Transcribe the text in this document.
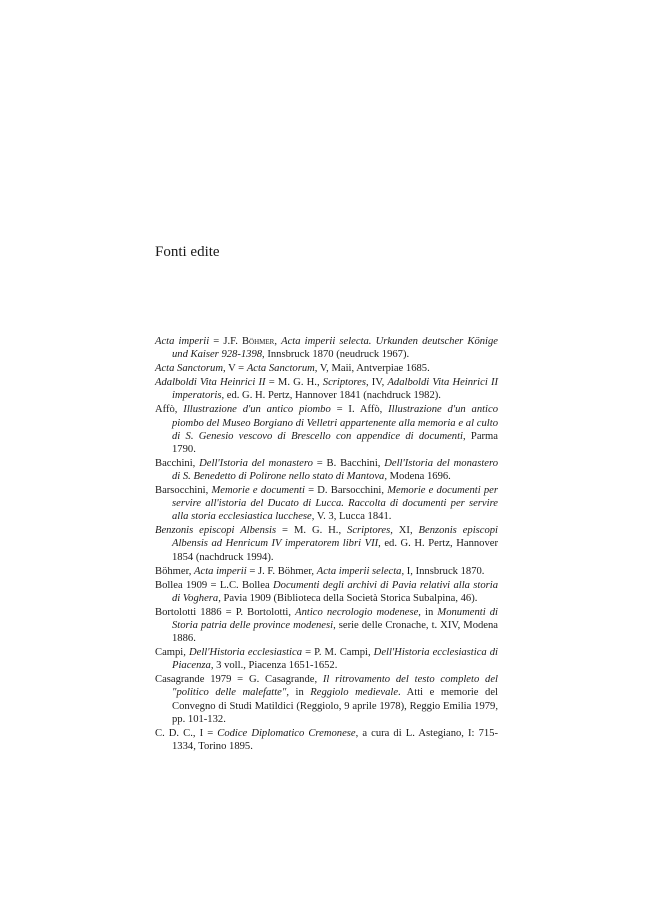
Fonti edite

Acta imperii = J.F. Böhmer, Acta imperii selecta. Urkunden deutscher Könige und Kaiser 928-1398, Innsbruck 1870 (neudruck 1967).

Acta Sanctorum, V = Acta Sanctorum, V, Maii, Antverpiae 1685.

Adalboldi Vita Heinrici II = M. G. H., Scriptores, IV, Adalboldi Vita Heinrici II imperatoris, ed. G. H. Pertz, Hannover 1841 (nachdruck 1982).

Affò, Illustrazione d'un antico piombo = I. Affò, Illustrazione d'un antico piombo del Museo Borgiano di Velletri appartenente alla memoria e al culto di S. Genesio vescovo di Brescello con appendice di documenti, Parma 1790.

Bacchini, Dell'Istoria del monastero = B. Bacchini, Dell'Istoria del monastero di S. Benedetto di Polirone nello stato di Mantova, Modena 1696.

Barsocchini, Memorie e documenti = D. Barsocchini, Memorie e documenti per servire all'istoria del Ducato di Lucca. Raccolta di documenti per servire alla storia ecclesiastica lucchese, V. 3, Lucca 1841.

Benzonis episcopi Albensis = M. G. H., Scriptores, XI, Benzonis episcopi Albensis ad Henricum IV imperatorem libri VII, ed. G. H. Pertz, Hannover 1854 (nachdruck 1994).

Böhmer, Acta imperii = J. F. Böhmer, Acta imperii selecta, I, Innsbruck 1870.

Bollea 1909 = L.C. Bollea Documenti degli archivi di Pavia relativi alla storia di Voghera, Pavia 1909 (Biblioteca della Società Storica Subalpina, 46).

Bortolotti 1886 = P. Bortolotti, Antico necrologio modenese, in Monumenti di Storia patria delle province modenesi, serie delle Cronache, t. XIV, Modena 1886.

Campi, Dell'Historia ecclesiastica = P. M. Campi, Dell'Historia ecclesiastica di Piacenza, 3 voll., Piacenza 1651-1652.

Casagrande 1979 = G. Casagrande, Il ritrovamento del testo completo del "politico delle malefatte", in Reggiolo medievale. Atti e memorie del Convegno di Studi Matildici (Reggiolo, 9 aprile 1978), Reggio Emilia 1979, pp. 101-132.

C. D. C., I = Codice Diplomatico Cremonese, a cura di L. Astegiano, I: 715-1334, Torino 1895.
